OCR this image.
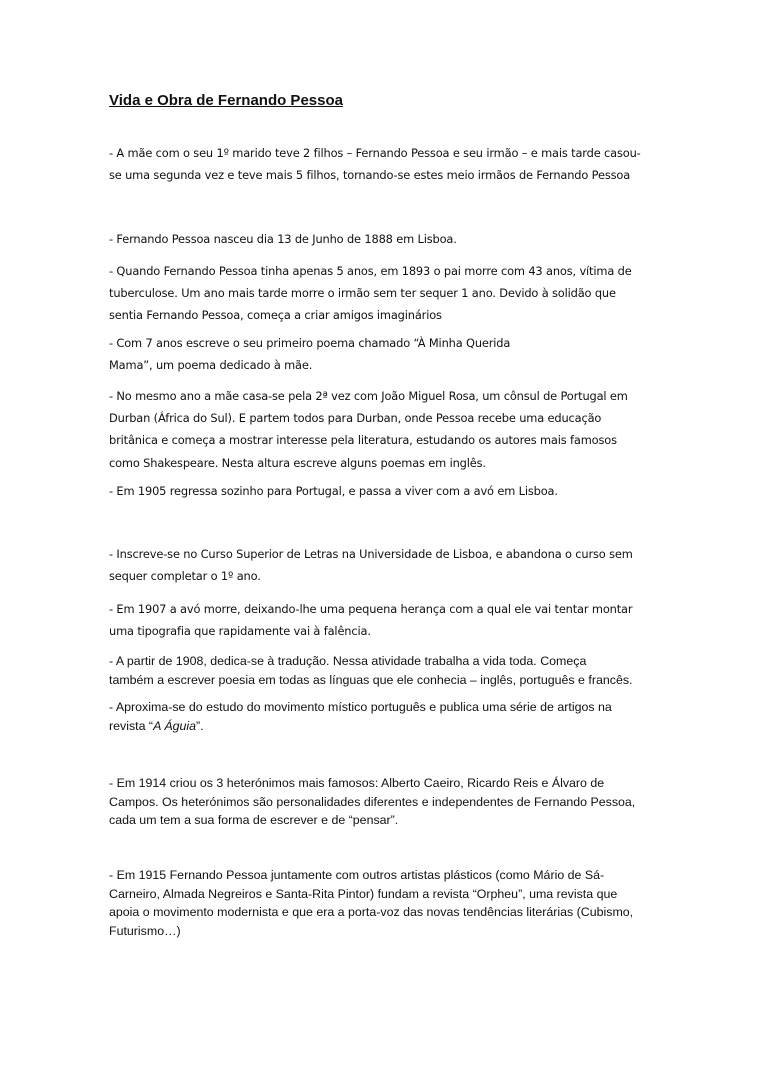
Vida e Obra de Fernando Pessoa

- A mãe com o seu 1º marido teve 2 filhos – Fernando Pessoa e seu irmão – e mais tarde casou-
se uma segunda vez e teve mais 5 filhos, tornando-se estes meio irmãos de Fernando Pessoa

- Fernando Pessoa nasceu dia 13 de Junho de 1888 em Lisboa.

- Quando Fernando Pessoa tinha apenas 5 anos, em 1893 o pai morre com 43 anos, vítima de
tuberculose. Um ano mais tarde morre o irmão sem ter sequer 1 ano. Devido à solidão que
sentia Fernando Pessoa, começa a criar amigos imaginários

- Com 7 anos escreve o seu primeiro poema chamado “À Minha Querida
Mama”, um poema dedicado à mãe.

- No mesmo ano a mãe casa-se pela 2ª vez com João Miguel Rosa, um cônsul de Portugal em
Durban (África do Sul). E partem todos para Durban, onde Pessoa recebe uma educação
britânica e começa a mostrar interesse pela literatura, estudando os autores mais famosos
como Shakespeare. Nesta altura escreve alguns poemas em inglês.

- Em 1905 regressa sozinho para Portugal, e passa a viver com a avó em Lisboa.

- Inscreve-se no Curso Superior de Letras na Universidade de Lisboa, e abandona o curso sem
sequer completar o 1º ano.

- Em 1907 a avó morre, deixando-lhe uma pequena herança com a qual ele vai tentar montar
uma tipografia que rapidamente vai à falência.

- A partir de 1908, dedica-se à tradução. Nessa atividade trabalha a vida toda. Começa
também a escrever poesia em todas as línguas que ele conhecia – inglês, português e francês.

- Aproxima-se do estudo do movimento místico português e publica uma série de artigos na
revista “A Águia”.

- Em 1914 criou os 3 heterónimos mais famosos: Alberto Caeiro, Ricardo Reis e Álvaro de
Campos. Os heterónimos são personalidades diferentes e independentes de Fernando Pessoa,
cada um tem a sua forma de escrever e de “pensar”.

- Em 1915 Fernando Pessoa juntamente com outros artistas plásticos (como Mário de Sá-
Carneiro, Almada Negreiros e Santa-Rita Pintor) fundam a revista “Orpheu”, uma revista que
apoia o movimento modernista e que era a porta-voz das novas tendências literárias (Cubismo,
Futurismo…)
